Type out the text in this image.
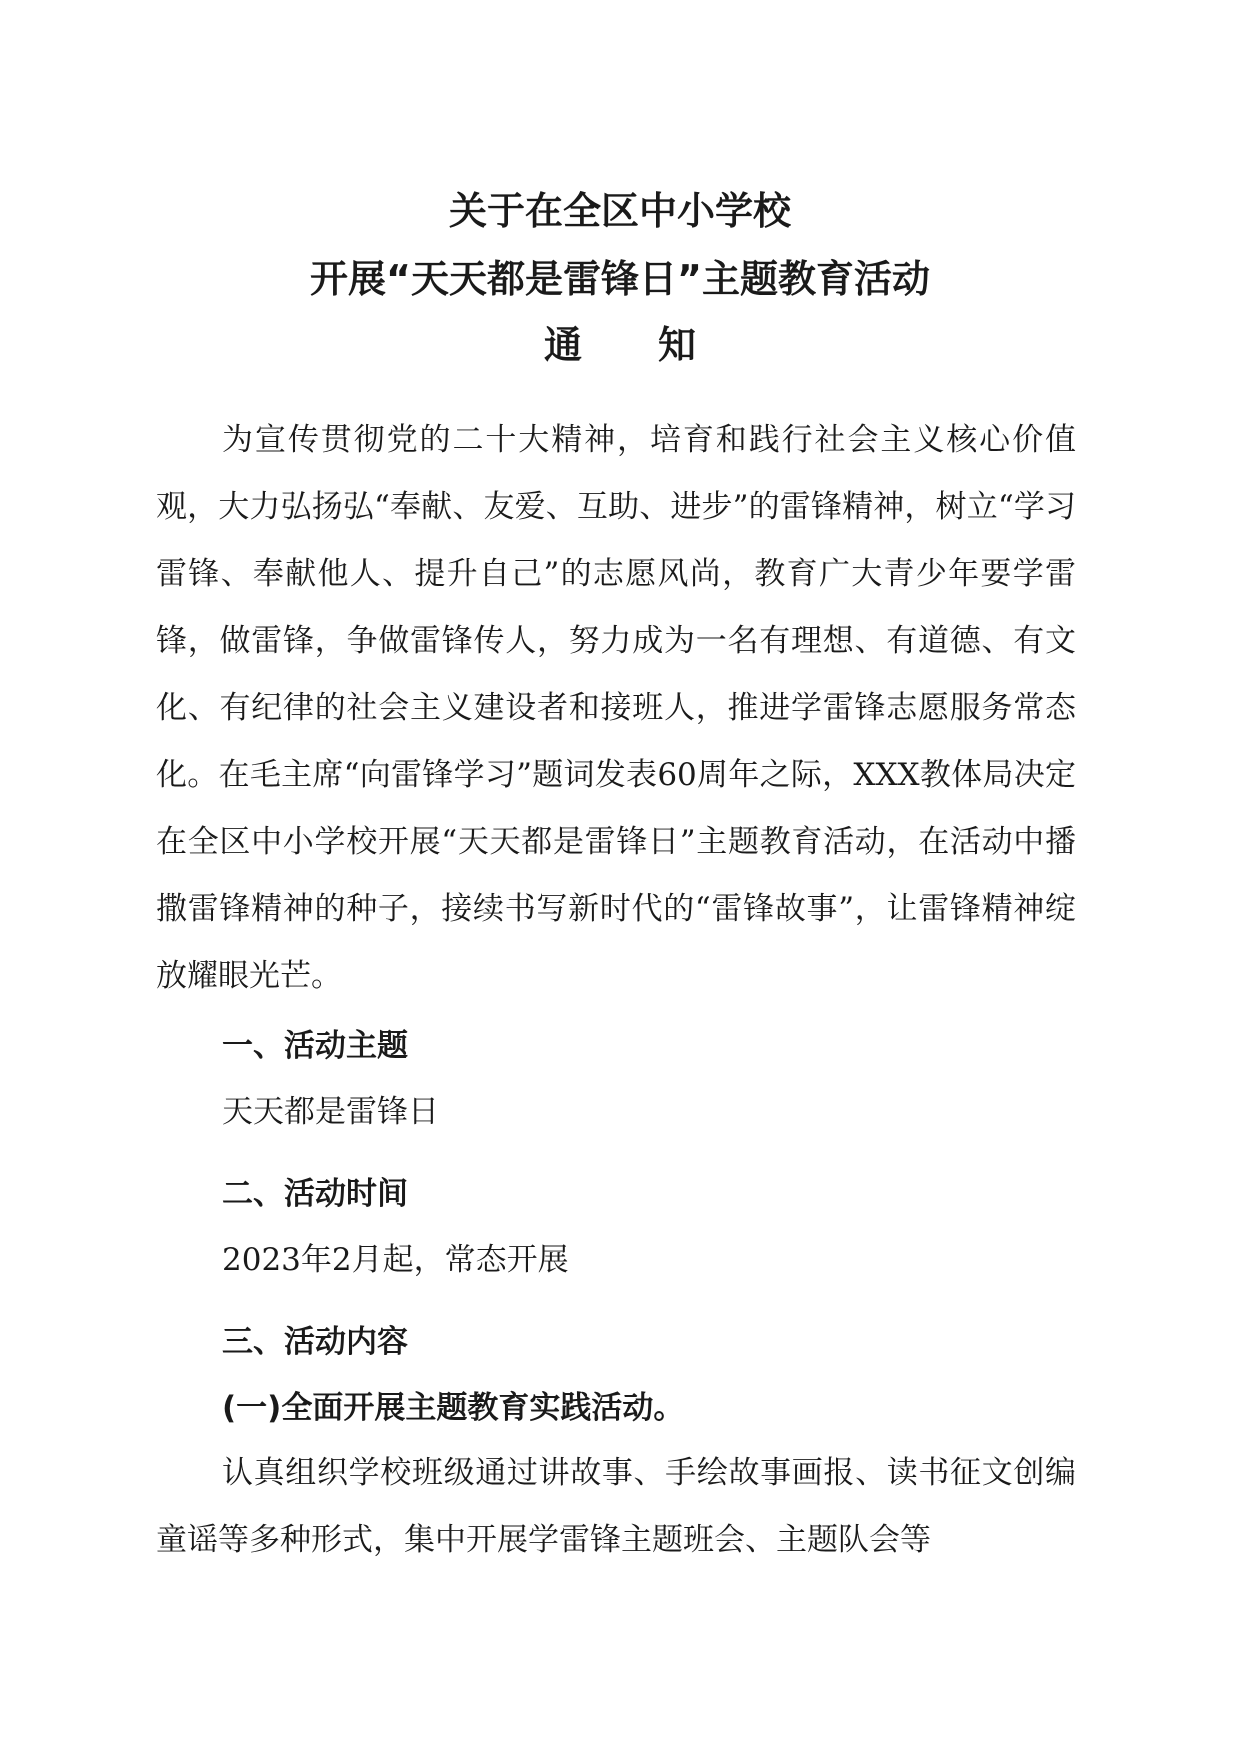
关于在全区中小学校
开展“天天都是雷锋日”主题教育活动
通　　知

为宣传贯彻党的二十大精神，培育和践行社会主义核心价值观，大力弘扬弘“奉献、友爱、互助、进步”的雷锋精神，树立“学习雷锋、奉献他人、提升自己”的志愿风尚，教育广大青少年要学雷锋，做雷锋，争做雷锋传人，努力成为一名有理想、有道德、有文化、有纪律的社会主义建设者和接班人，推进学雷锋志愿服务常态化。在毛主席“向雷锋学习”题词发表60周年之际，XXX教体局决定在全区中小学校开展“天天都是雷锋日”主题教育活动，在活动中播撒雷锋精神的种子，接续书写新时代的“雷锋故事”，让雷锋精神绽放耀眼光芒。

一、活动主题
天天都是雷锋日
二、活动时间
2023年2月起，常态开展
三、活动内容
(一)全面开展主题教育实践活动。

认真组织学校班级通过讲故事、手绘故事画报、读书征文创编童谣等多种形式，集中开展学雷锋主题班会、主题队会等
